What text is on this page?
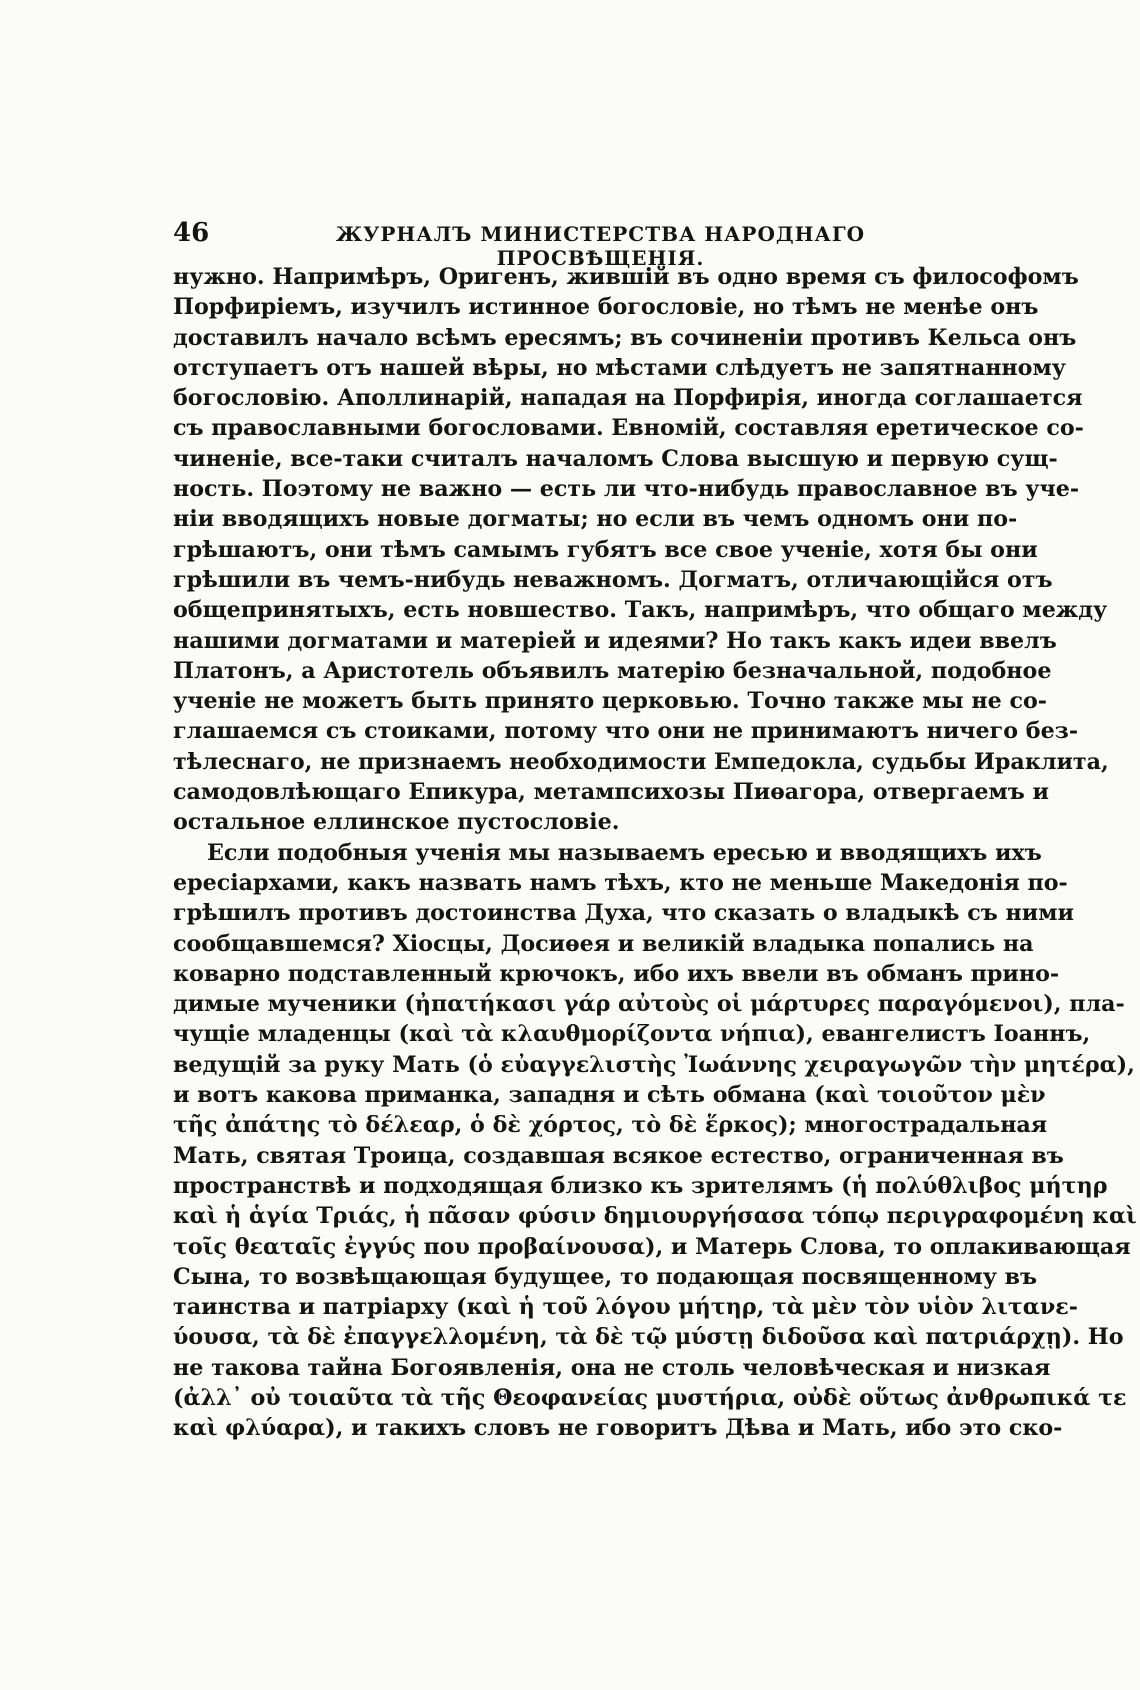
46	ЖУРНАЛЪ МИНИСТЕРСТВА НАРОДНАГО ПРОСВѢЩЕНІЯ.
нужно. Напримѣръ, Оригенъ, жившій въ одно время съ философомъ
Порфиріемъ, изучилъ истинное богословіе, но тѣмъ не менѣе онъ
доставилъ начало всѣмъ ересямъ; въ сочиненіи противъ Кельса онъ
отступаетъ отъ нашей вѣры, но мѣстами слѣдуетъ не запятнанному
богословію. Аполлинарій, нападая на Порфирія, иногда соглашается
съ православными богословами. Евномій, составляя еретическое со-
чиненіе, все-таки считалъ началомъ Слова высшую и первую сущ-
ность. Поэтому не важно — есть ли что-нибудь православное въ уче-
ніи вводящихъ новые догматы; но если въ чемъ одномъ они по-
грѣшаютъ, они тѣмъ самымъ губятъ все свое ученіе, хотя бы они
грѣшили въ чемъ-нибудь неважномъ. Догматъ, отличающійся отъ
общепринятыхъ, есть новшество. Такъ, напримѣръ, что общаго между
нашими догматами и матеріей и идеями? Но такъ какъ идеи ввелъ
Платонъ, а Аристотель объявилъ матерію безначальной, подобное
ученіе не можетъ быть принято церковью. Точно также мы не со-
глашаемся съ стоиками, потому что они не принимаютъ ничего без-
тѣлеснаго, не признаемъ необходимости Емпедокла, судьбы Ираклита,
самодовлѣющаго Епикура, метампсихозы Пиѳагора, отвергаемъ и
остальное еллинское пустословіе.
Если подобныя ученія мы называемъ ересью и вводящихъ ихъ
ересіархами, какъ назвать намъ тѣхъ, кто не меньше Македонія по-
грѣшилъ противъ достоинства Духа, что сказать о владыкѣ съ ними
сообщавшемся? Хіосцы, Досиѳея и великій владыка попались на
коварно подставленный крючокъ, ибо ихъ ввели въ обманъ прино-
димые мученики (ἠπατήκασι γάρ αὐτοὺς οἱ μάρτυρες παραγόμενοι), пла-
чущіе младенцы (καὶ τὰ κλαυθμορίζοντα νήπια), евангелистъ Іоаннъ,
ведущій за руку Мать (ὁ εὐαγγελιστὴς Ἰωάννης χειραγωγῶν τὴν μητέρα),
и вотъ какова приманка, западня и сѣть обмана (καὶ τοιοῦτον μὲν
τῆς ἀπάτης τὸ δέλεαρ, ὁ δὲ χόρτος, τὸ δὲ ἕρκος); многострадальная
Мать, святая Троица, создавшая всякое естество, ограниченная въ
пространствѣ и подходящая близко къ зрителямъ (ἡ πολύθλιβος μήτηρ
καὶ ἡ ἁγία Τριάς, ἡ πᾶσαν φύσιν δημιουργήσασα τόπῳ περιγραφομένη καὶ
τοῖς θεαταῖς ἐγγύς που προβαίνουσα), и Матерь Слова, то оплакивающая
Сына, то возвѣщающая будущее, то подающая посвященному въ
таинства и патріарху (καὶ ἡ τοῦ λόγου μήτηρ, τὰ μὲν τὸν υἱὸν λιτανε-
ύουσα, τὰ δὲ ἐπαγγελλομένη, τὰ δὲ τῷ μύστῃ διδοῦσα καὶ πατριάρχῃ). Но
не такова тайна Богоявленія, она не столь человѣческая и низкая
(ἀλλ᾽ οὐ τοιαῦτα τὰ τῆς Θεοφανείας μυστήρια, οὐδὲ οὕτως ἀνθρωπικά τε
καὶ φλύαρα), и такихъ словъ не говоритъ Дѣва и Мать, ибо это ско-
